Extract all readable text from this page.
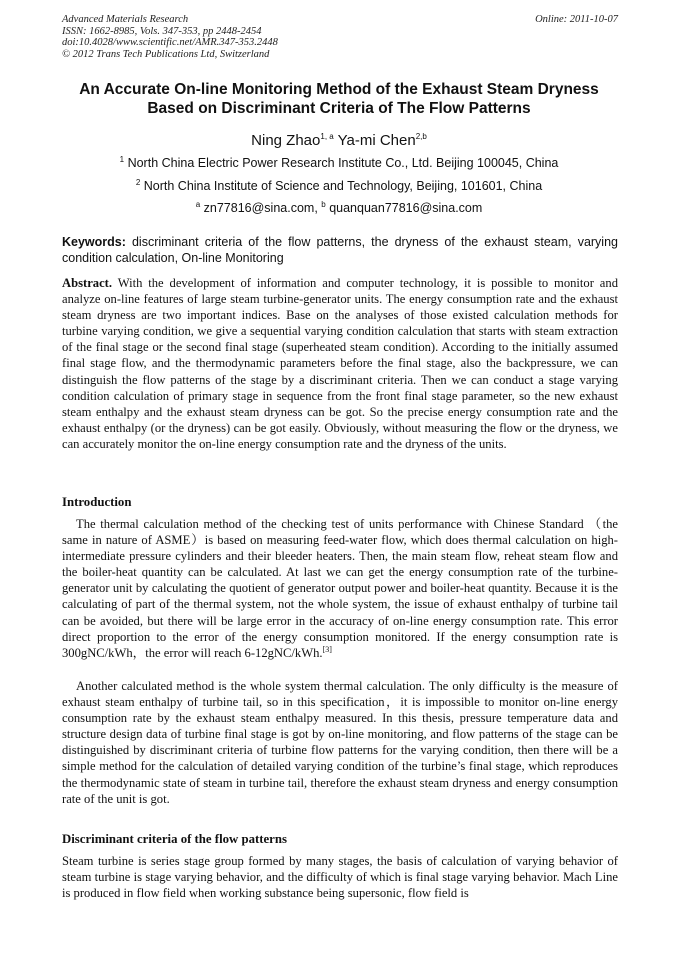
Advanced Materials Research
ISSN: 1662-8985, Vols. 347-353, pp 2448-2454
doi:10.4028/www.scientific.net/AMR.347-353.2448
© 2012 Trans Tech Publications Ltd, Switzerland
Online: 2011-10-07
An Accurate On-line Monitoring Method of the Exhaust Steam Dryness
Based on Discriminant Criteria of The Flow Patterns
Ning Zhao$^{1, a}$ Ya-mi Chen$^{2,b}$
$^1$ North China Electric Power Research Institute Co., Ltd. Beijing 100045, China
$^2$ North China Institute of Science and Technology, Beijing, 101601, China
$^a$ zn77816@sina.com, $^b$ quanquan77816@sina.com
Keywords: discriminant criteria of the flow patterns, the dryness of the exhaust steam, varying condition calculation, On-line Monitoring
Abstract. With the development of information and computer technology, it is possible to monitor and analyze on-line features of large steam turbine-generator units. The energy consumption rate and the exhaust steam dryness are two important indices. Base on the analyses of those existed calculation methods for turbine varying condition, we give a sequential varying condition calculation that starts with steam extraction of the final stage or the second final stage (superheated steam condition). According to the initially assumed final stage flow, and the thermodynamic parameters before the final stage, also the backpressure, we can distinguish the flow patterns of the stage by a discriminant criteria. Then we can conduct a stage varying condition calculation of primary stage in sequence from the front final stage parameter, so the new exhaust steam enthalpy and the exhaust steam dryness can be got. So the precise energy consumption rate and the exhaust enthalpy (or the dryness) can be got easily. Obviously, without measuring the flow or the dryness, we can accurately monitor the on-line energy consumption rate and the dryness of the units.
Introduction
The thermal calculation method of the checking test of units performance with Chinese Standard （the same in nature of ASME）is based on measuring feed-water flow, which does thermal calculation on high-intermediate pressure cylinders and their bleeder heaters. Then, the main steam flow, reheat steam flow and the boiler-heat quantity can be calculated. At last we can get the energy consumption rate of the turbine-generator unit by calculating the quotient of generator output power and boiler-heat quantity. Because it is the calculating of part of the thermal system, not the whole system, the issue of exhaust enthalpy of turbine tail can be avoided, but there will be large error in the accuracy of on-line energy consumption rate. This error direct proportion to the error of the energy consumption monitored. If the energy consumption rate is 300gNC/kWh，the error will reach 6-12gNC/kWh.[3]
Another calculated method is the whole system thermal calculation. The only difficulty is the measure of exhaust steam enthalpy of turbine tail, so in this specification，it is impossible to monitor on-line energy consumption rate by the exhaust steam enthalpy measured. In this thesis, pressure temperature data and structure design data of turbine final stage is got by on-line monitoring, and flow patterns of the stage can be distinguished by discriminant criteria of turbine flow patterns for the varying condition, then there will be a simple method for the calculation of detailed varying condition of the turbine’s final stage, which reproduces the thermodynamic state of steam in turbine tail, therefore the exhaust steam dryness and energy consumption rate of the unit is got.
Discriminant criteria of the flow patterns
Steam turbine is series stage group formed by many stages, the basis of calculation of varying behavior of steam turbine is stage varying behavior, and the difficulty of which is final stage varying behavior. Mach Line is produced in flow field when working substance being supersonic, flow field is
